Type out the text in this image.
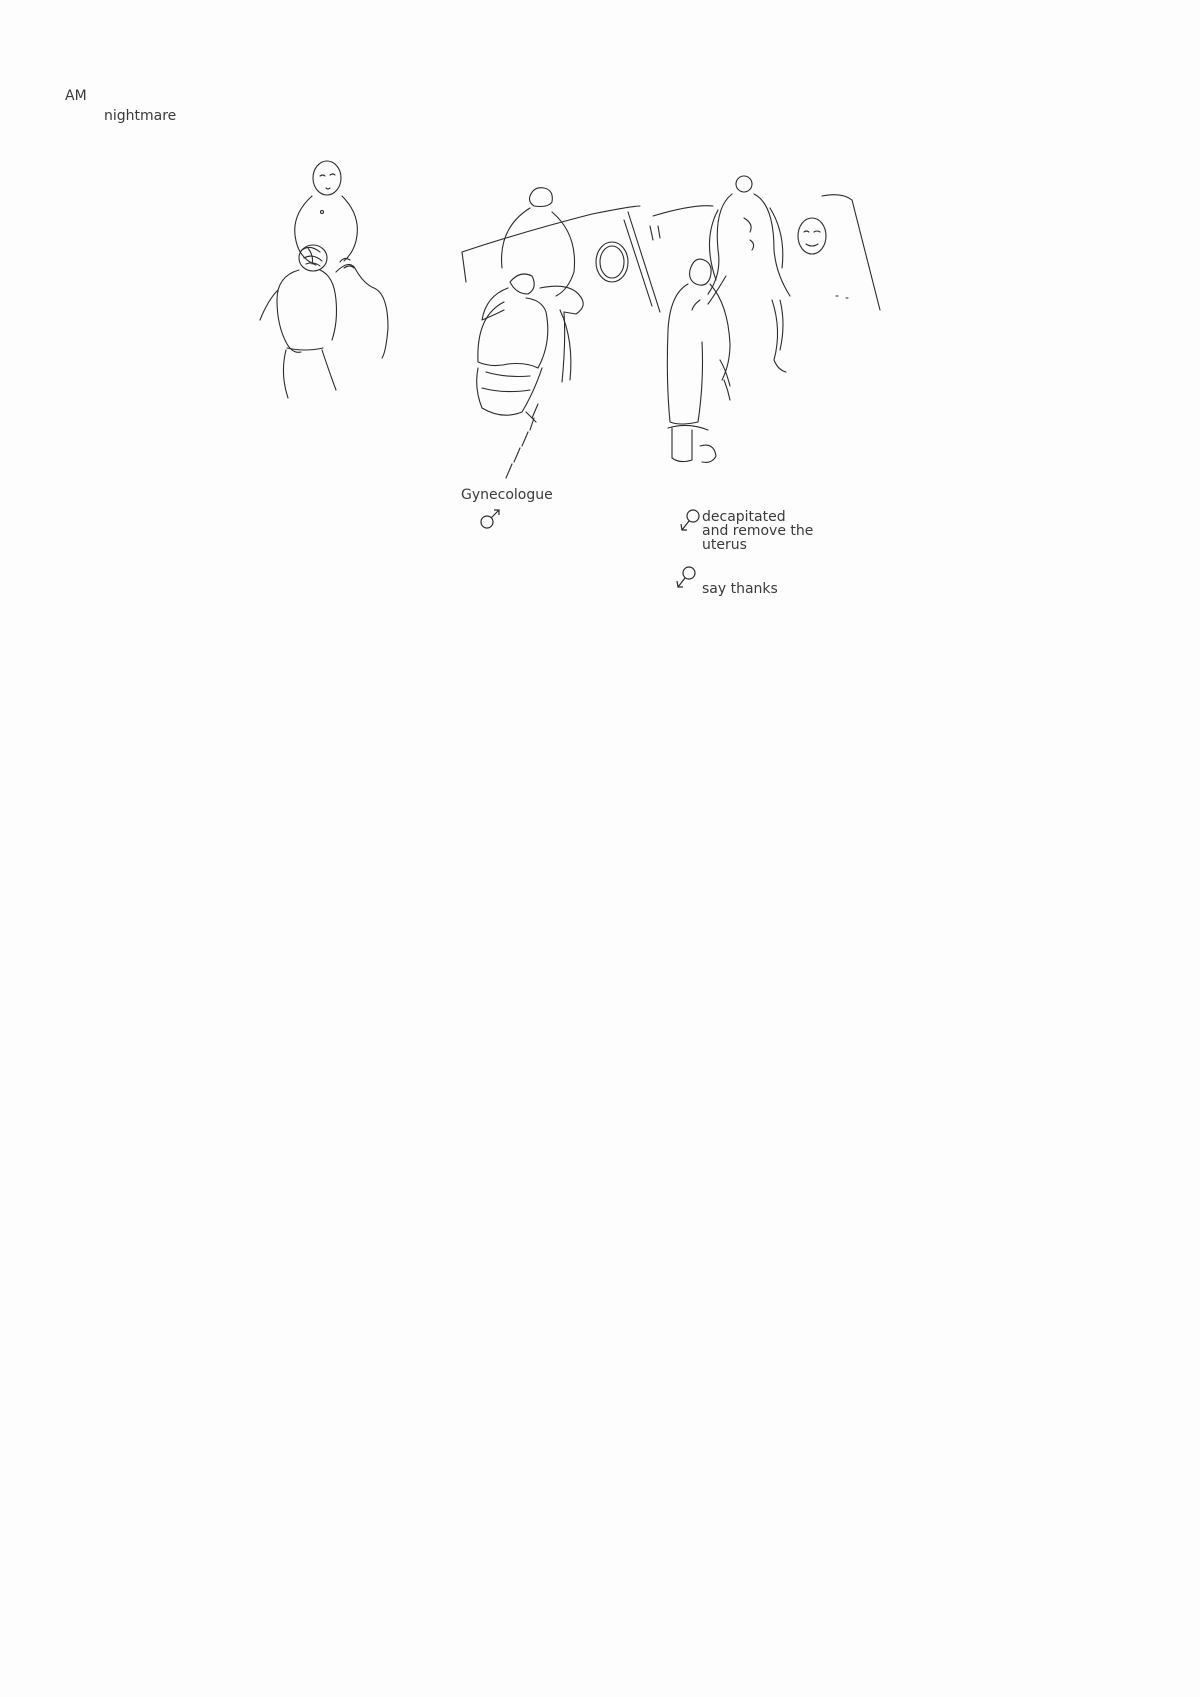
AM
nightmare
Gynecologue
decapitated
and remove the
uterus
say thanks
